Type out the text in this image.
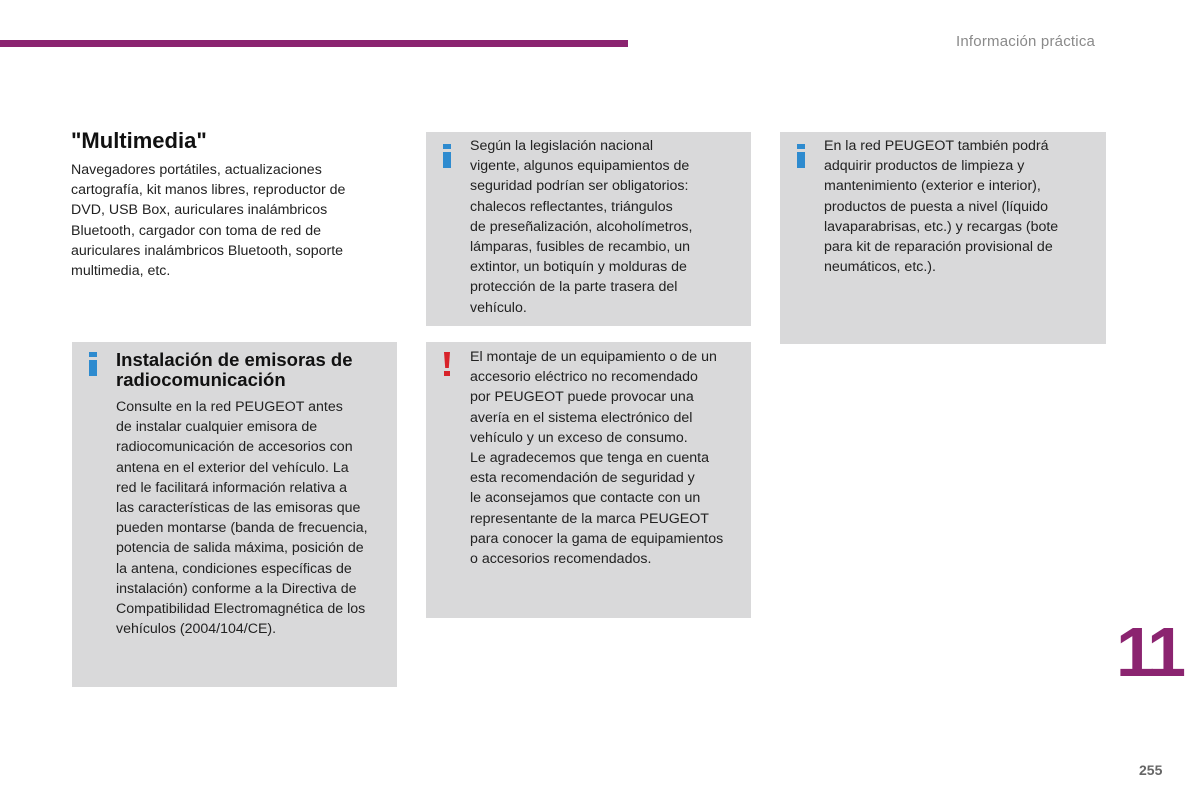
Información práctica
"Multimedia"

Navegadores portátiles, actualizaciones
cartografía, kit manos libres, reproductor de
DVD, USB Box, auriculares inalámbricos
Bluetooth, cargador con toma de red de
auriculares inalámbricos Bluetooth, soporte
multimedia, etc.

Según la legislación nacional
vigente, algunos equipamientos de
seguridad podrían ser obligatorios:
chalecos reflectantes, triángulos
de preseñalización, alcoholímetros,
lámparas, fusibles de recambio, un
extintor, un botiquín y molduras de
protección de la parte trasera del
vehículo.

En la red PEUGEOT también podrá
adquirir productos de limpieza y
mantenimiento (exterior e interior),
productos de puesta a nivel (líquido
lavaparabrisas, etc.) y recargas (bote
para kit de reparación provisional de
neumáticos, etc.).

Instalación de emisoras de
radiocomunicación

Consulte en la red PEUGEOT antes
de instalar cualquier emisora de
radiocomunicación de accesorios con
antena en el exterior del vehículo. La
red le facilitará información relativa a
las características de las emisoras que
pueden montarse (banda de frecuencia,
potencia de salida máxima, posición de
la antena, condiciones específicas de
instalación) conforme a la Directiva de
Compatibilidad Electromagnética de los
vehículos (2004/104/CE).

El montaje de un equipamiento o de un
accesorio eléctrico no recomendado
por PEUGEOT puede provocar una
avería en el sistema electrónico del
vehículo y un exceso de consumo.
Le agradecemos que tenga en cuenta
esta recomendación de seguridad y
le aconsejamos que contacte con un
representante de la marca PEUGEOT
para conocer la gama de equipamientos
o accesorios recomendados.

11
255
